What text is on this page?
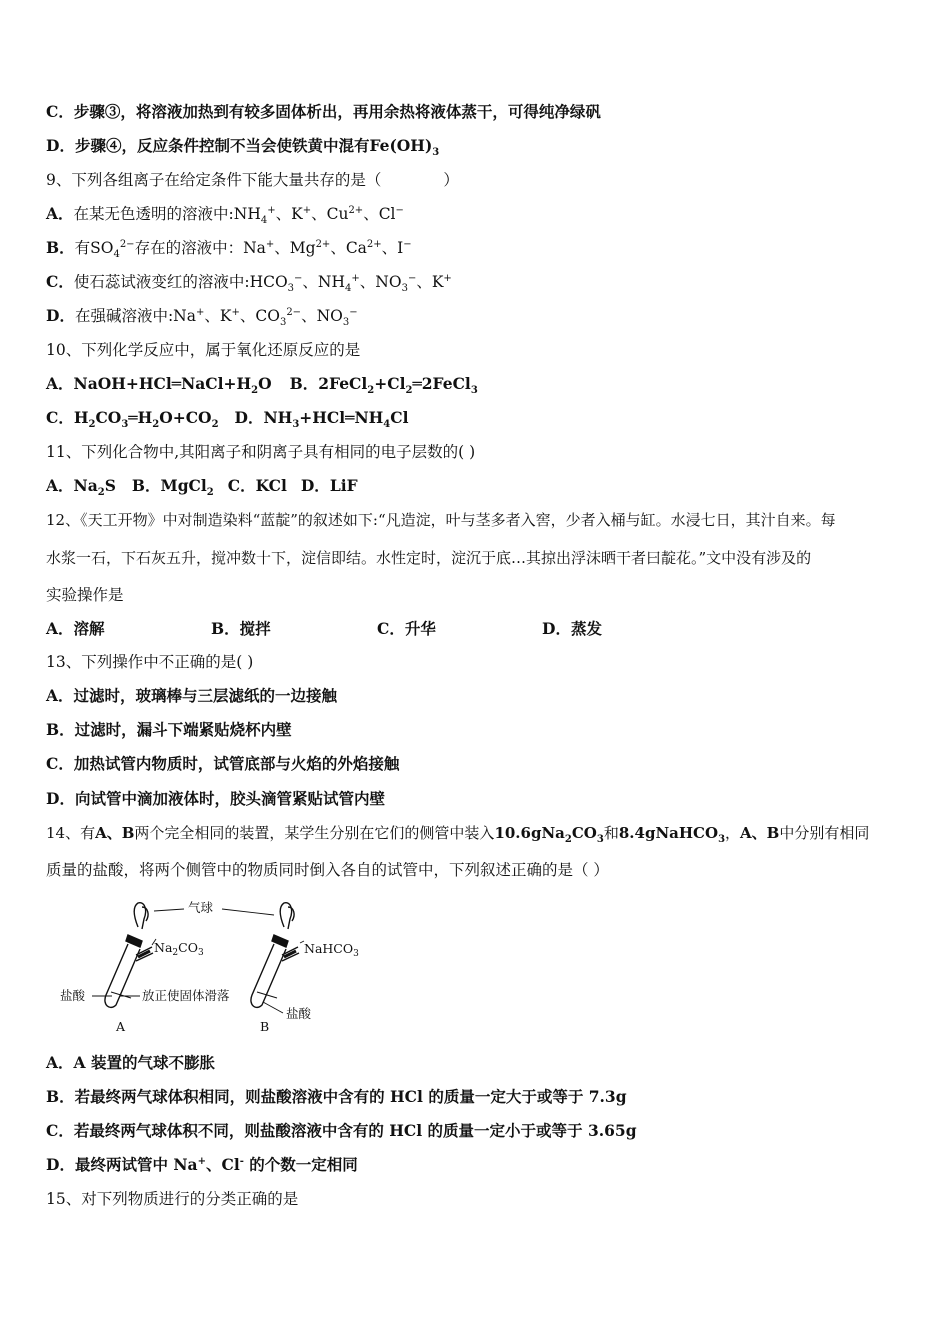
C．步骤③，将溶液加热到有较多固体析出，再用余热将液体蒸干，可得纯净绿矾
D．步骤④，反应条件控制不当会使铁黄中混有$Fe(OH)_3$
9、下列各组离子在给定条件下能大量共存的是（　　　　）
A．在某无色透明的溶液中$:NH_4^+$、K+、$Cu^{2+}$、Cl−
B．有$SO_4^{2-}$存在的溶液中：Na+、$Mg^{2+}$、$Ca^{2+}$、I−
C．使石蕊试液变红的溶液中$:HCO_3^-$、$NH_4^+$、$NO_3^-$、K+
D．在强碱溶液中:Na+、K+、$CO_3^{2-}$、$NO_3^-$
10、下列化学反应中，属于氧化还原反应的是
A．$NaOH+HCl═NaCl+H_2O$ B．$2FeCl_2+Cl_2═2FeCl_3$
C．$H_2CO_3═H_2O+CO_2$ D．$NH_3+HCl═NH_4Cl$
11、下列化合物中,其阳离子和阴离子具有相同的电子层数的( )
A．$Na_2S$ B．MgCl$_2$ C．KCl D．LiF
12、《天工开物》中对制造染料“蓝靛”的叙述如下:“凡造淀，叶与茎多者入窖，少者入桶与缸。水浸七日，其汁自来。每
水浆一石，下石灰五升，搅冲数十下，淀信即结。水性定时，淀沉于底…其掠出浮沫晒干者曰靛花。”文中没有涉及的
实验操作是
A．溶解	B．搅拌	C．升华	D．蒸发
13、下列操作中不正确的是( )
A．过滤时，玻璃棒与三层滤纸的一边接触
B．过滤时，漏斗下端紧贴烧杯内壁
C．加热试管内物质时，试管底部与火焰的外焰接触
D．向试管中滴加液体时，胶头滴管紧贴试管内壁
14、有A、B两个完全相同的装置，某学生分别在它们的侧管中装入$10.6gNa_2CO_3$和8.4gNaHCO$_3$，A、B中分别有相同
质量的盐酸，将两个侧管中的物质同时倒入各自的试管中，下列叙述正确的是（ ）
气球
$Na_2CO_3$	NaHCO$_3$
盐酸	放正使固体滑落
盐酸
A	B
A．A 装置的气球不膨胀
B．若最终两气球体积相同，则盐酸溶液中含有的 HCl 的质量一定大于或等于 7.3g
C．若最终两气球体积不同，则盐酸溶液中含有的 HCl 的质量一定小于或等于 3.65g
D．最终两试管中 Na+、Cl- 的个数一定相同
15、对下列物质进行的分类正确的是
